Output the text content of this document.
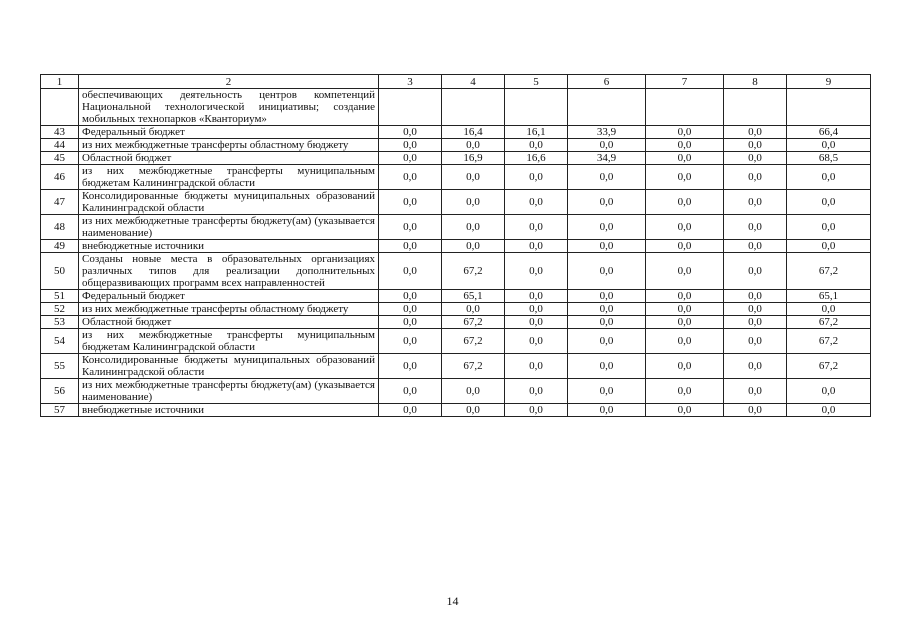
1	2	3	4	5	6	7	8	9
	обеспечивающих деятельность центров компетенций Национальной технологической инициативы; создание мобильных технопарков «Кванториум»							
43	Федеральный бюджет	0,0	16,4	16,1	33,9	0,0	0,0	66,4
44	из них межбюджетные трансферты областному бюджету	0,0	0,0	0,0	0,0	0,0	0,0	0,0
45	Областной бюджет	0,0	16,9	16,6	34,9	0,0	0,0	68,5
46	из них межбюджетные трансферты муниципальным бюджетам Калининградской области	0,0	0,0	0,0	0,0	0,0	0,0	0,0
47	Консолидированные бюджеты муниципальных образований Калининградской области	0,0	0,0	0,0	0,0	0,0	0,0	0,0
48	из них межбюджетные трансферты бюджету(ам) (указывается наименование)	0,0	0,0	0,0	0,0	0,0	0,0	0,0
49	внебюджетные источники	0,0	0,0	0,0	0,0	0,0	0,0	0,0
50	Созданы новые места в образовательных организациях различных типов для реализации дополнительных общеразвивающих программ всех направленностей	0,0	67,2	0,0	0,0	0,0	0,0	67,2
51	Федеральный бюджет	0,0	65,1	0,0	0,0	0,0	0,0	65,1
52	из них межбюджетные трансферты областному бюджету	0,0	0,0	0,0	0,0	0,0	0,0	0,0
53	Областной бюджет	0,0	67,2	0,0	0,0	0,0	0,0	67,2
54	из них межбюджетные трансферты муниципальным бюджетам Калининградской области	0,0	67,2	0,0	0,0	0,0	0,0	67,2
55	Консолидированные бюджеты муниципальных образований Калининградской области	0,0	67,2	0,0	0,0	0,0	0,0	67,2
56	из них межбюджетные трансферты бюджету(ам) (указывается наименование)	0,0	0,0	0,0	0,0	0,0	0,0	0,0
57	внебюджетные источники	0,0	0,0	0,0	0,0	0,0	0,0	0,0
14
